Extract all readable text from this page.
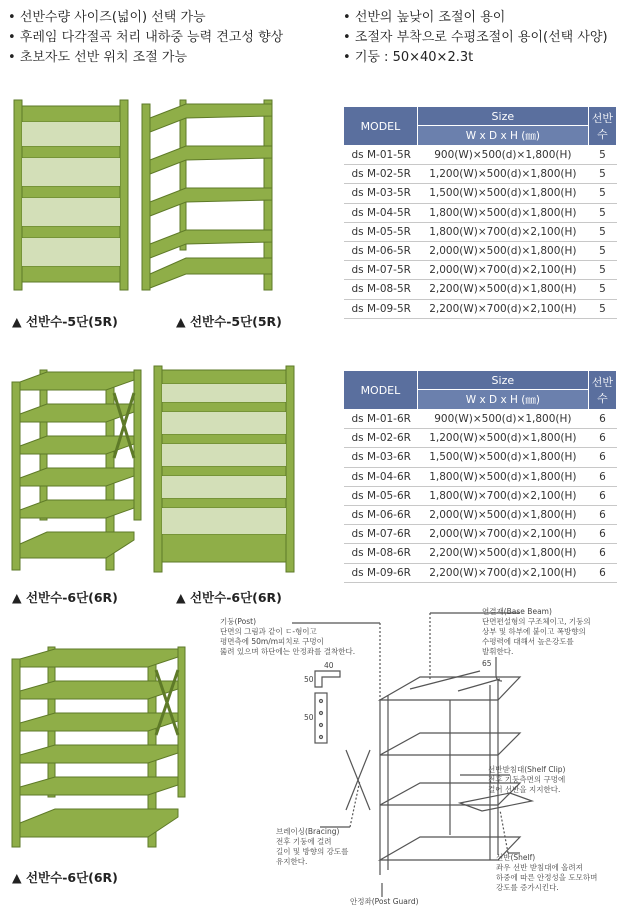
• 선반수량 사이즈(넓이) 선택 가능
• 후레임 다각절곡 처리 내하중 능력 견고성 향상
• 초보자도 선반 위치 조절 가능
• 선반의 높낮이 조절이 용이
• 조절자 부착으로 수평조절이 용이(선택 사양)
• 기둥 : 50×40×2.3t
▲ 선반수-5단(5R)	▲ 선반수-5단(5R)
▲ 선반수-6단(6R)	▲ 선반수-6단(6R)
▲ 선반수-6단(6R)
MODEL	Size	선반수
	W x D x H (㎜)	
ds M-01-5R	900(W)×500(d)×1,800(H)	5
ds M-02-5R	1,200(W)×500(d)×1,800(H)	5
ds M-03-5R	1,500(W)×500(d)×1,800(H)	5
ds M-04-5R	1,800(W)×500(d)×1,800(H)	5
ds M-05-5R	1,800(W)×700(d)×2,100(H)	5
ds M-06-5R	2,000(W)×500(d)×1,800(H)	5
ds M-07-5R	2,000(W)×700(d)×2,100(H)	5
ds M-08-5R	2,200(W)×500(d)×1,800(H)	5
ds M-09-5R	2,200(W)×700(d)×2,100(H)	5
MODEL	Size	선반수
	W x D x H (㎜)	
ds M-01-6R	900(W)×500(d)×1,800(H)	6
ds M-02-6R	1,200(W)×500(d)×1,800(H)	6
ds M-03-6R	1,500(W)×500(d)×1,800(H)	6
ds M-04-6R	1,800(W)×500(d)×1,800(H)	6
ds M-05-6R	1,800(W)×700(d)×2,100(H)	6
ds M-06-6R	2,000(W)×500(d)×1,800(H)	6
ds M-07-6R	2,000(W)×700(d)×2,100(H)	6
ds M-08-6R	2,200(W)×500(d)×1,800(H)	6
ds M-09-6R	2,200(W)×700(d)×2,100(H)	6
기둥(Post)
단면의 그림과 같이 ㄷ-형이고
평면측에 50m/m피치로 구멍이
뚫려 있으며 하단에는 안정좌를 결착한다.
연결재(Base Beam)
단면편설형의 구조체이고, 기둥의
상부 및 하부에 붙이고 폭방향의
수평력에 대해서 높은강도를
발휘한다.
선반받침대(Shelf Clip)
전후 기둥측면의 구멍에
걸어 선반을 지지한다.
브레이싱(Bracing)
전후 기둥에 걸려
길이 및 방향의 강도를
유지한다.	선반(Shelf)
좌우 선반 받침대에 올려져
하중에 따른 안정성을 도모하며
강도를 증가시킨다.
안정좌(Post Guard)
40
50
50
65
